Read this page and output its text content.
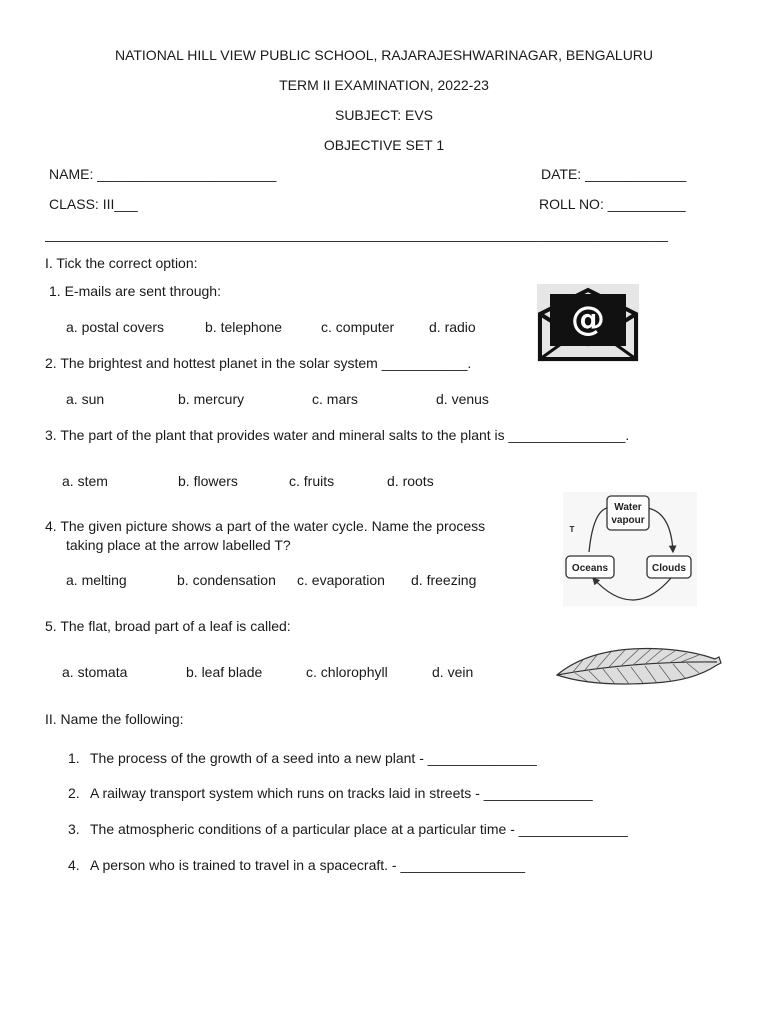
NATIONAL HILL VIEW PUBLIC SCHOOL, RAJARAJESHWARINAGAR, BENGALURU
TERM II EXAMINATION, 2022-23
SUBJECT: EVS
OBJECTIVE SET 1
NAME: _______________________	DATE: _____________
CLASS: III___	ROLL NO: __________
________________________________________________________________________________
I. Tick the correct option:
1. E-mails are sent through:
a. postal covers	b. telephone	c. computer d. radio	@
2. The brightest and hottest planet in the solar system ___________.
a. sun	b. mercury	c. mars	d. venus
3. The part of the plant that provides water and mineral salts to the plant is _______________.
a. stem	b. flowers	c. fruits	d. roots
4. The given picture shows a part of the water cycle. Name the process
taking place at the arrow labelled T?
a. melting	b. condensation c. evaporation d. freezing
Water
vapour
Oceans	Clouds
T
5. The flat, broad part of a leaf is called:
a. stomata	b. leaf blade	c. chlorophyll	d. vein
II. Name the following:
1. The process of the growth of a seed into a new plant - ______________
2. A railway transport system which runs on tracks laid in streets - ______________
3. The atmospheric conditions of a particular place at a particular time - ______________
4. A person who is trained to travel in a spacecraft. - ________________
